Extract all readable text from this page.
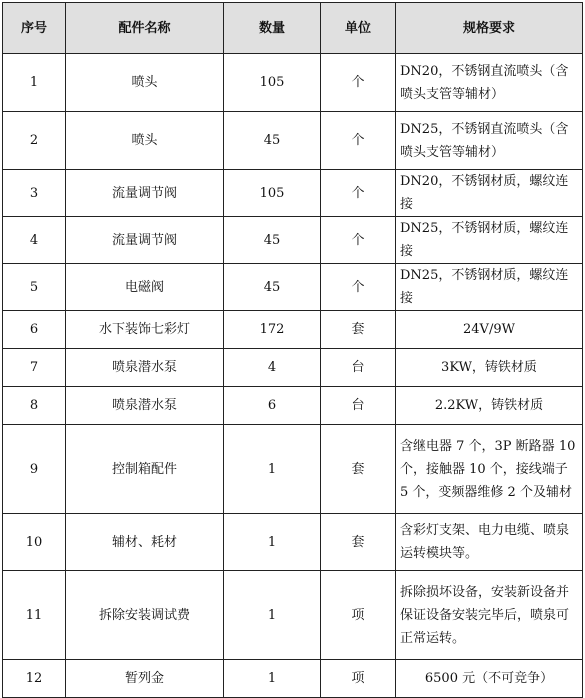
序号	配件名称	数量	单位	规格要求
1	喷头	105	个	DN20，不锈钢直流喷头（含喷头支管等辅材）
2	喷头	45	个	DN25，不锈钢直流喷头（含喷头支管等辅材）
3	流量调节阀	105	个	DN20，不锈钢材质，螺纹连接
4	流量调节阀	45	个	DN25，不锈钢材质，螺纹连接
5	电磁阀	45	个	DN25，不锈钢材质，螺纹连接
6	水下装饰七彩灯	172	套	24V/9W
7	喷泉潜水泵	4	台	3KW，铸铁材质
8	喷泉潜水泵	6	台	2.2KW，铸铁材质
9	控制箱配件	1	套	含继电器 7 个，3P 断路器 10 个，接触器 10 个，接线端子 5 个，变频器维修 2 个及辅材
10	辅材、耗材	1	套	含彩灯支架、电力电缆、喷泉运转模块等。
11	拆除安装调试费	1	项	拆除损坏设备，安装新设备并保证设备安装完毕后，喷泉可正常运转。
12	暂列金	1	项	6500 元（不可竞争）
